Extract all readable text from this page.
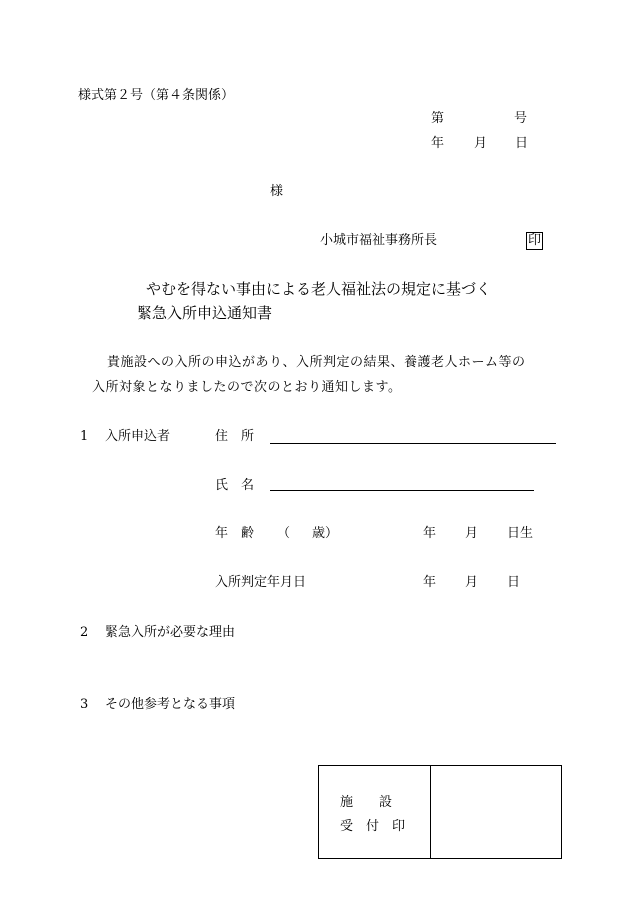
様式第２号（第４条関係）
第	号
年 月 日
様
小城市福祉事務所長	印
やむを得ない事由による老人福祉法の規定に基づく
緊急入所申込通知書
貴施設への入所の申込があり、入所判定の結果、養護老人ホーム等の
入所対象となりましたので次のとおり通知します。
1 入所申込者	住　所
氏　名
年　齢 （ 歳）	年 月 日生
入所判定年月日	年 月 日
2 緊急入所が必要な理由
3 その他参考となる事項
施　　設
受　付　印
